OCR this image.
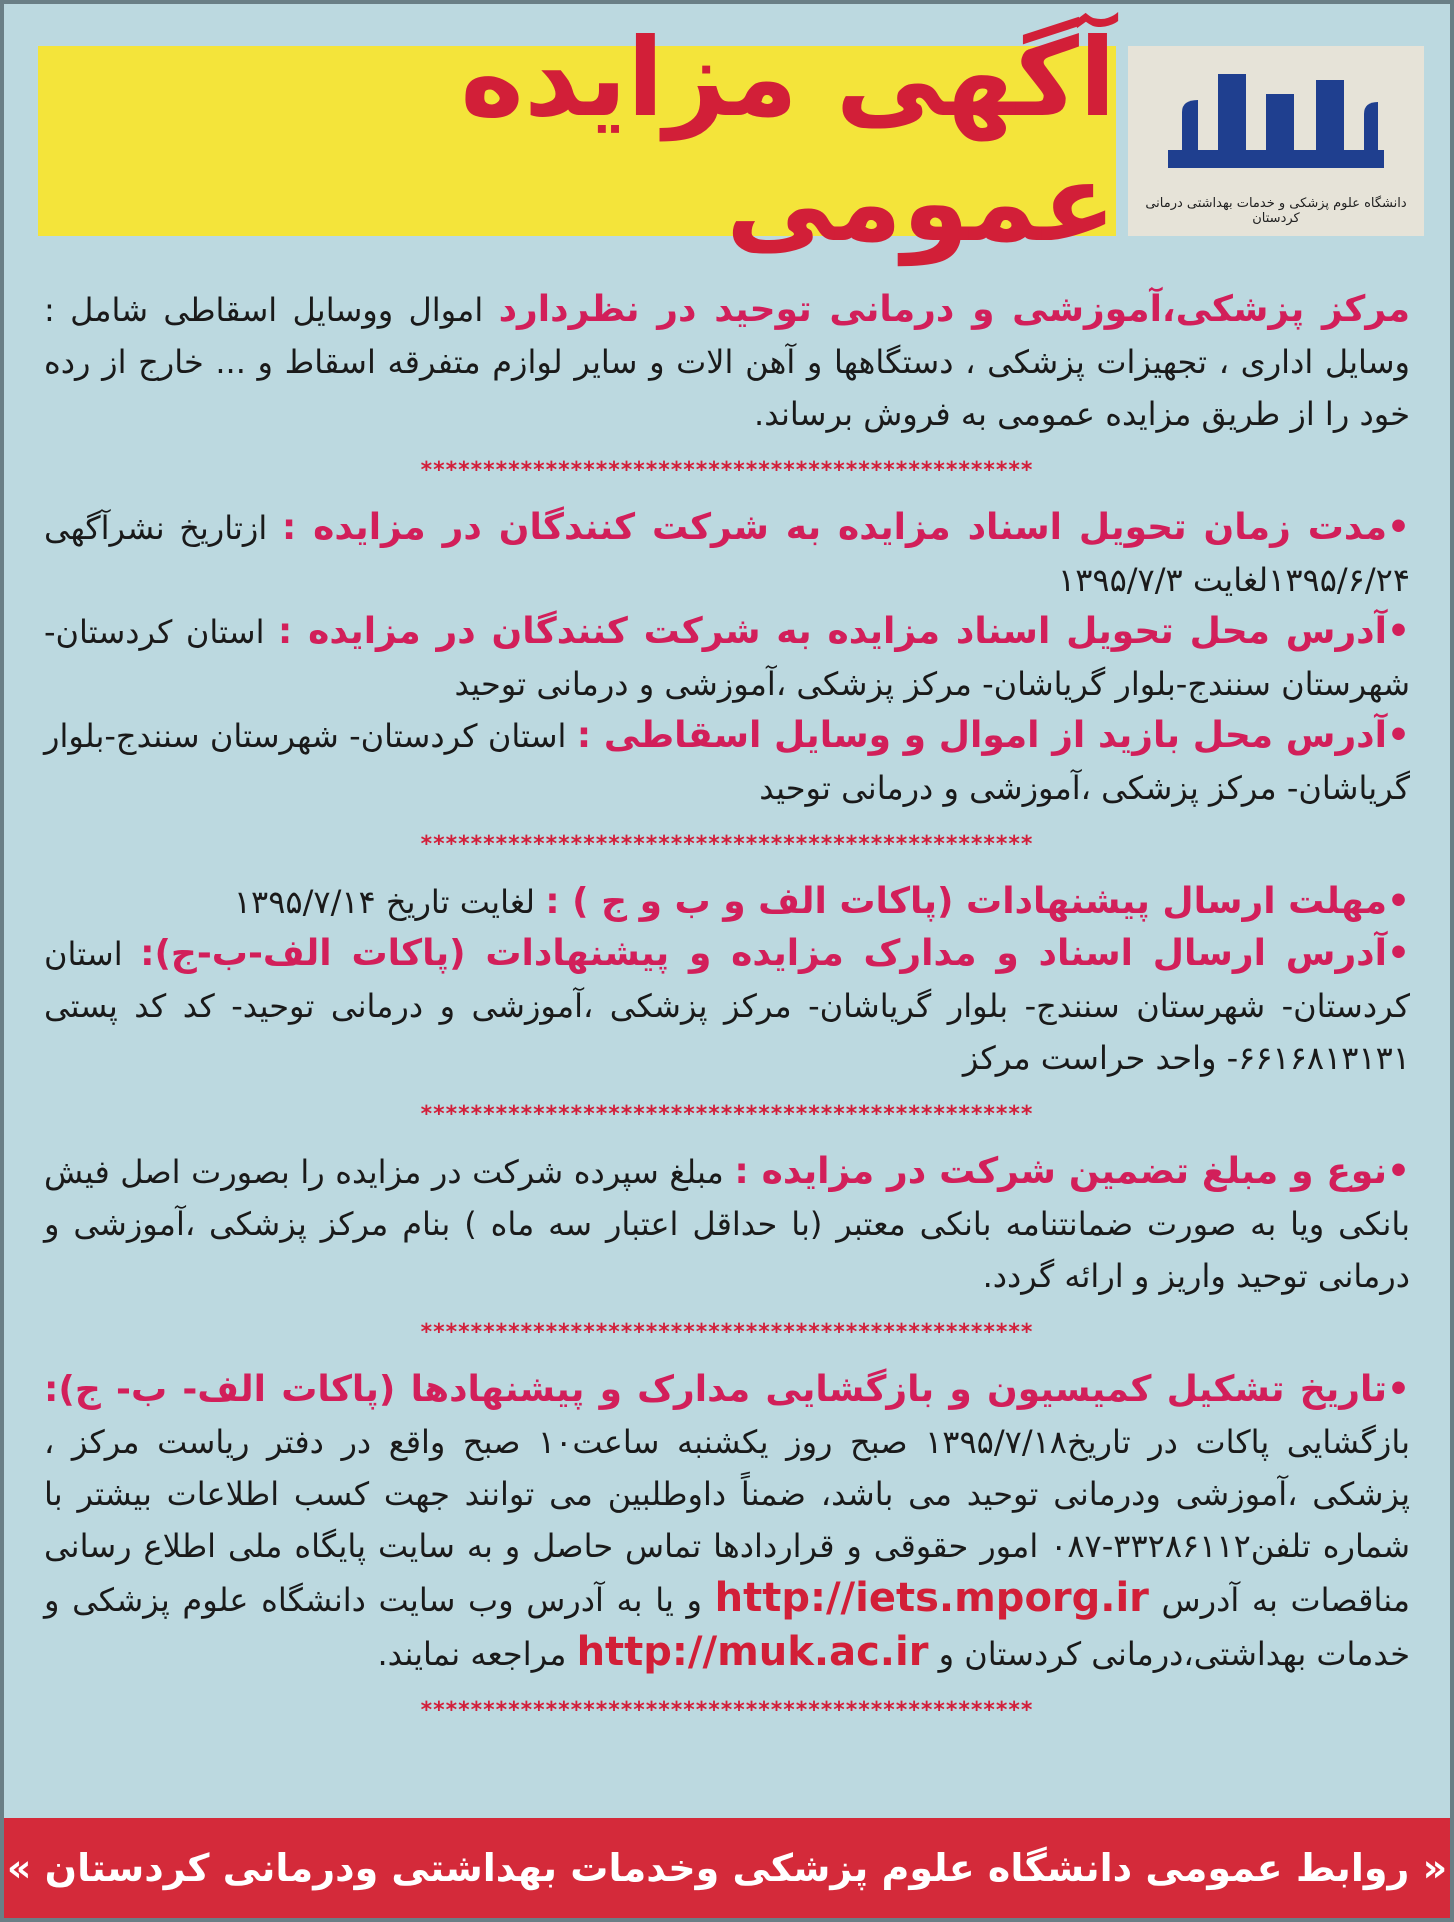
آگهی مزایده عمومی	دانشگاه علوم پزشکی و خدمات بهداشتی درمانی کردستان

مرکز پزشکی،آموزشی و درمانی توحید در نظردارد اموال ووسایل اسقاطی شامل : وسایل اداری ، تجهیزات پزشکی ، دستگاهها و آهن الات و سایر لوازم متفرقه اسقاط و ... خارج از رده خود را از طریق مزایده عمومی به فروش برساند.

*************************************************

•مدت زمان تحویل اسناد مزایده به شرکت کنندگان در مزایده : ازتاریخ نشرآگهی ۱۳۹۵/۶/۲۴لغایت ۱۳۹۵/۷/۳

•آدرس محل تحویل اسناد مزایده به شرکت کنندگان در مزایده : استان کردستان- شهرستان سنندج-بلوار گریاشان- مرکز پزشکی ،آموزشی و درمانی توحید

•آدرس محل بازید از اموال و وسایل اسقاطی : استان کردستان- شهرستان سنندج-بلوار گریاشان- مرکز پزشکی ،آموزشی و درمانی توحید

*************************************************

•مهلت ارسال پیشنهادات (پاکات الف و ب و ج ) : لغایت تاریخ ۱۳۹۵/۷/۱۴

•آدرس ارسال اسناد و مدارک مزایده و پیشنهادات (پاکات الف-ب-ج): استان کردستان- شهرستان سنندج- بلوار گریاشان- مرکز پزشکی ،آموزشی و درمانی توحید- کد کد پستی ۶۶۱۶۸۱۳۱۳۱- واحد حراست مرکز

*************************************************

•نوع و مبلغ تضمین شرکت در مزایده : مبلغ سپرده شرکت در مزایده را بصورت اصل فیش بانکی ویا به صورت ضمانتنامه بانکی معتبر (با حداقل اعتبار سه ماه ) بنام مرکز پزشکی ،آموزشی و درمانی توحید واریز و ارائه گردد.

*************************************************

•تاریخ تشکیل کمیسیون و بازگشایی مدارک و پیشنهادها (پاکات الف- ب- ج): بازگشایی پاکات در تاریخ۱۳۹۵/۷/۱۸ صبح روز یکشنبه ساعت۱۰ صبح واقع در دفتر ریاست مرکز ، پزشکی ،آموزشی ودرمانی توحید می باشد، ضمناً داوطلبین می توانند جهت کسب اطلاعات بیشتر با شماره تلفن۳۳۲۸۶۱۱۲-۰۸۷ امور حقوقی و قراردادها تماس حاصل و به سایت پایگاه ملی اطلاع رسانی مناقصات به آدرس http://iets.mporg.ir و یا به آدرس وب سایت دانشگاه علوم پزشکی و خدمات بهداشتی،درمانی کردستان و http://muk.ac.ir مراجعه نمایند.

*************************************************
« روابط عمومی دانشگاه علوم پزشکی وخدمات بهداشتی ودرمانی کردستان »
